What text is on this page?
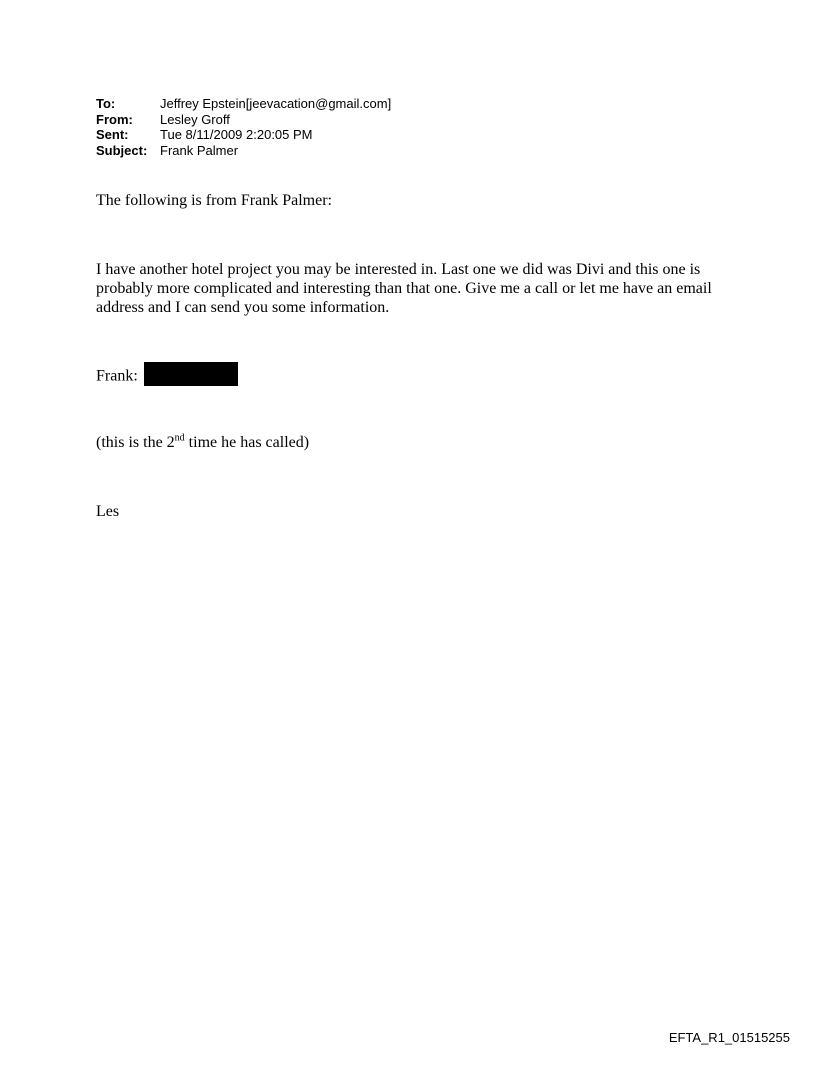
To:	Jeffrey Epstein[jeevacation@gmail.com]
From:	Lesley Groff
Sent:	Tue 8/11/2009 2:20:05 PM
Subject: Frank Palmer
The following is from Frank Palmer:
I have another hotel project you may be interested in. Last one we did was Divi and this one is probably more complicated and interesting than that one. Give me a call or let me have an email address and I can send you some information.
Frank:
(this is the 2nd time he has called)
Les
EFTA_R1_01515255
